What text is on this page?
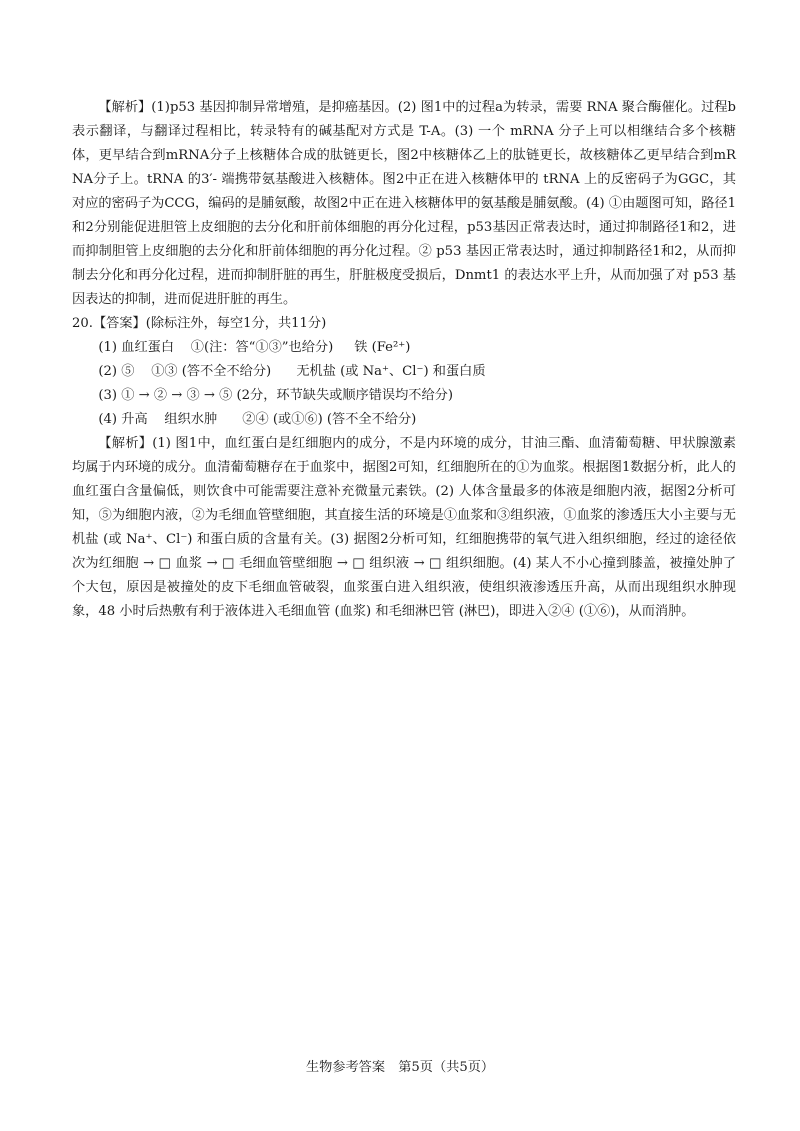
【解析】(1)p53 基因抑制异常增殖，是抑癌基因。(2) 图1中的过程a为转录，需要 RNA 聚合酶催化。过程b表示翻译，与翻译过程相比，转录特有的碱基配对方式是 T-A。(3) 一个 mRNA 分子上可以相继结合多个核糖体，更早结合到mRNA分子上核糖体合成的肽链更长，图2中核糖体乙上的肽链更长，故核糖体乙更早结合到mRNA分子上。tRNA 的3′- 端携带氨基酸进入核糖体。图2中正在进入核糖体甲的 tRNA 上的反密码子为GGC，其对应的密码子为CCG，编码的是脯氨酸，故图2中正在进入核糖体甲的氨基酸是脯氨酸。(4) ①由题图可知，路径1和2分别能促进胆管上皮细胞的去分化和肝前体细胞的再分化过程，p53基因正常表达时，通过抑制路径1和2，进而抑制胆管上皮细胞的去分化和肝前体细胞的再分化过程。② p53 基因正常表达时，通过抑制路径1和2，从而抑制去分化和再分化过程，进而抑制肝脏的再生，肝脏极度受损后，Dnmt1 的表达水平上升，从而加强了对 p53 基因表达的抑制，进而促进肝脏的再生。

20.【答案】(除标注外，每空1分，共11分)

(1) 血红蛋白    ①(注：答“①③”也给分)     铁 (Fe²⁺)

(2) ⑤    ①③ (答不全不给分)      无机盐 (或 Na⁺、Cl⁻) 和蛋白质

(3) ① → ② → ③ → ⑤ (2分，环节缺失或顺序错误均不给分)

(4) 升高    组织水肿      ②④ (或①⑥) (答不全不给分)

【解析】(1) 图1中，血红蛋白是红细胞内的成分，不是内环境的成分，甘油三酯、血清葡萄糖、甲状腺激素均属于内环境的成分。血清葡萄糖存在于血浆中，据图2可知，红细胞所在的①为血浆。根据图1数据分析，此人的血红蛋白含量偏低，则饮食中可能需要注意补充微量元素铁。(2) 人体含量最多的体液是细胞内液，据图2分析可知，⑤为细胞内液，②为毛细血管壁细胞，其直接生活的环境是①血浆和③组织液，①血浆的渗透压大小主要与无机盐 (或 Na⁺、Cl⁻) 和蛋白质的含量有关。(3) 据图2分析可知，红细胞携带的氧气进入组织细胞，经过的途径依次为红细胞 → □ 血浆 → □ 毛细血管壁细胞 → □ 组织液 → □ 组织细胞。(4) 某人不小心撞到膝盖，被撞处肿了个大包，原因是被撞处的皮下毛细血管破裂，血浆蛋白进入组织液，使组织液渗透压升高，从而出现组织水肿现象，48 小时后热敷有利于液体进入毛细血管 (血浆) 和毛细淋巴管 (淋巴)，即进入②④ (①⑥)，从而消肿。

生物参考答案　第5页（共5页）
